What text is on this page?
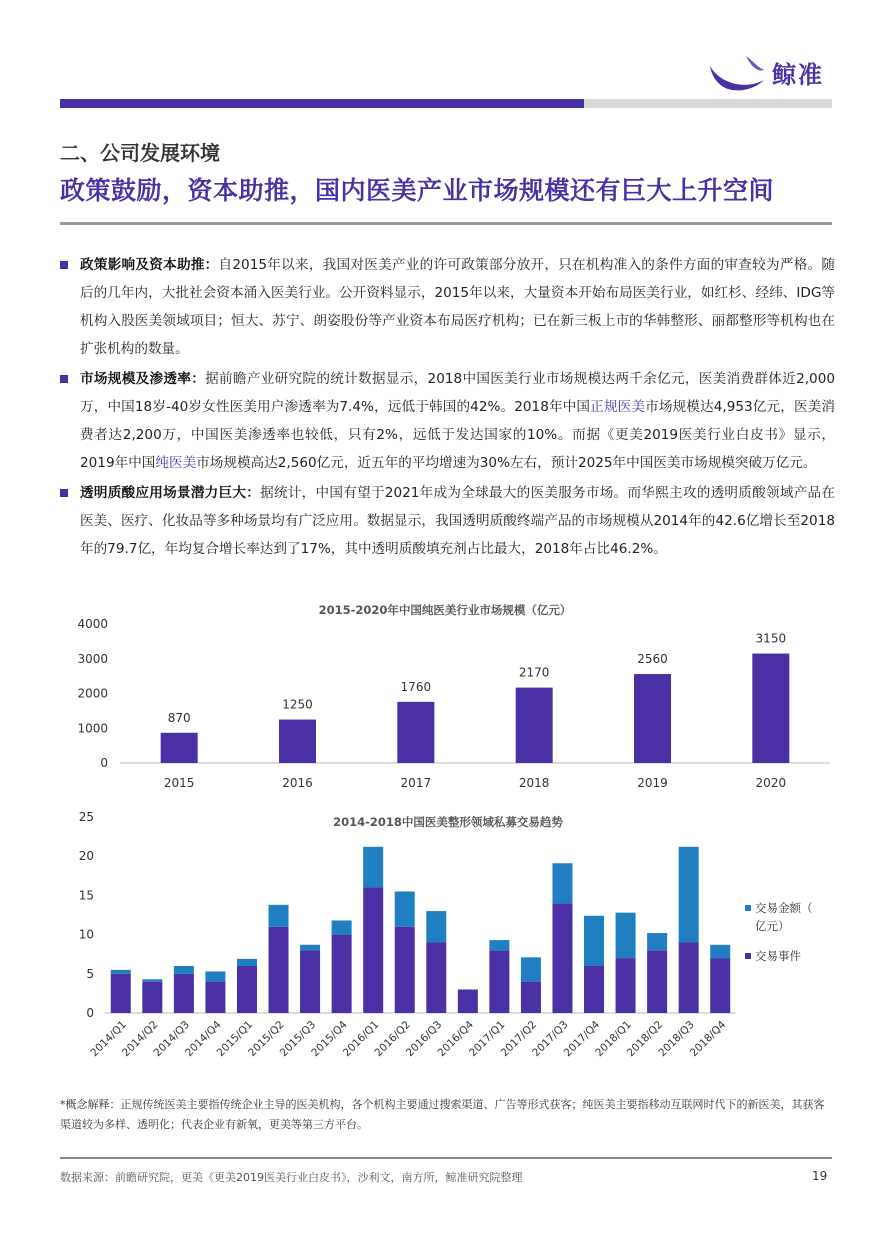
鲸准
二、公司发展环境
政策鼓励，资本助推，国内医美产业市场规模还有巨大上升空间
政策影响及资本助推：自2015年以来，我国对医美产业的许可政策部分放开，只在机构准入的条件方面的审查较为严格。随后的几年内，大批社会资本涌入医美行业。公开资料显示，2015年以来，大量资本开始布局医美行业，如红杉、经纬、IDG等机构入股医美领域项目；恒大、苏宁、朗姿股份等产业资本布局医疗机构；已在新三板上市的华韩整形、丽都整形等机构也在扩张机构的数量。
市场规模及渗透率：据前瞻产业研究院的统计数据显示，2018中国医美行业市场规模达两千余亿元，医美消费群体近2,000万，中国18岁-40岁女性医美用户渗透率为7.4%，远低于韩国的42%。2018年中国正规医美市场规模达4,953亿元，医美消费者达2,200万，中国医美渗透率也较低，只有2%，远低于发达国家的10%。而据《更美2019医美行业白皮书》显示，2019年中国纯医美市场规模高达2,560亿元，近五年的平均增速为30%左右，预计2025年中国医美市场规模突破万亿元。
透明质酸应用场景潜力巨大：据统计，中国有望于2021年成为全球最大的医美服务市场。而华熙主攻的透明质酸领域产品在医美、医疗、化妆品等多种场景均有广泛应用。数据显示，我国透明质酸终端产品的市场规模从2014年的42.6亿增长至2018年的79.7亿，年均复合增长率达到了17%，其中透明质酸填充剂占比最大，2018年占比46.2%。
2015-2020年中国纯医美行业市场规模（亿元）
0
1000
2000
3000
4000
870
2015
1250
2016
1760
2017
2170
2018
2560
2019
3150
2020
2014-2018中国医美整形领域私募交易趋势
0
5
10
15
20
25
2014/Q1
2014/Q2
2014/Q3
2014/Q4
2015/Q1
2015/Q2
2015/Q3
2015/Q4
2016/Q1
2016/Q2
2016/Q3
2016/Q4
2017/Q1
2017/Q2
2017/Q3
2017/Q4
2018/Q1
2018/Q2
2018/Q3
2018/Q4
交易金额（
亿元）
交易事件
*概念解释：正规传统医美主要指传统企业主导的医美机构，各个机构主要通过搜索渠道、广告等形式获客；纯医美主要指移动互联网时代下的新医美，其获客渠道较为多样、透明化；代表企业有新氧，更美等第三方平台。
数据来源：前瞻研究院，更美《更美2019医美行业白皮书》，沙利文，南方所，鲸准研究院整理	19
